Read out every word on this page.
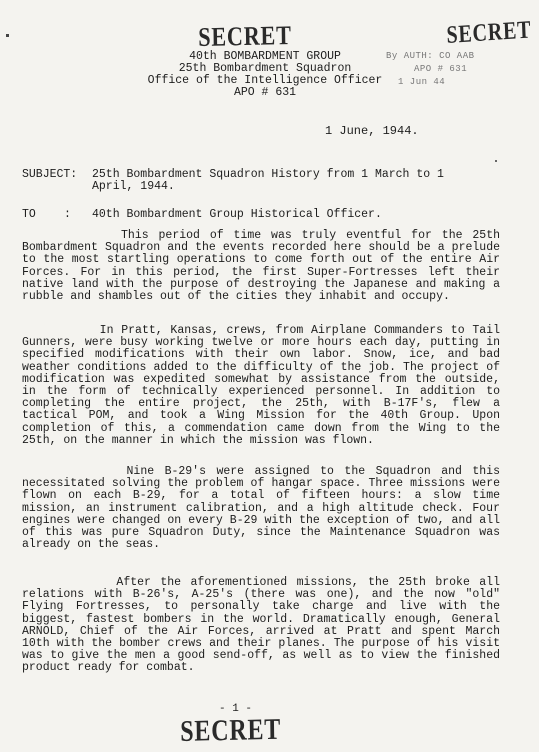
SECRET	SECRET
By AUTH: CO AAB
APO # 631
1 Jun 44
40th BOMBARDMENT GROUP
25th Bombardment Squadron
Office of the Intelligence Officer
APO # 631
1 June, 1944.
SUBJECT: 25th Bombardment Squadron History from 1 March to 1 April, 1944.
TO : 40th Bombardment Group Historical Officer.
This period of time was truly eventful for the 25th Bombardment Squadron and the events recorded here should be a prelude to the most startling operations to come forth out of the entire Air Forces. For in this period, the first Super-Fortresses left their native land with the purpose of destroying the Japanese and making a rubble and shambles out of the cities they inhabit and occupy.
In Pratt, Kansas, crews, from Airplane Commanders to Tail Gunners, were busy working twelve or more hours each day, putting in specified modifications with their own labor. Snow, ice, and bad weather conditions added to the difficulty of the job. The project of modification was expedited somewhat by assistance from the outside, in the form of technically experienced personnel. In addition to completing the entire project, the 25th, with B-17F's, flew a tactical POM, and took a Wing Mission for the 40th Group. Upon completion of this, a commendation came down from the Wing to the 25th, on the manner in which the mission was flown.
Nine B-29's were assigned to the Squadron and this necessitated solving the problem of hangar space. Three missions were flown on each B-29, for a total of fifteen hours: a slow time mission, an instrument calibration, and a high altitude check. Four engines were changed on every B-29 with the exception of two, and all of this was pure Squadron Duty, since the Maintenance Squadron was already on the seas.
After the aforementioned missions, the 25th broke all relations with B-26's, A-25's (there was one), and the now "old" Flying Fortresses, to personally take charge and live with the biggest, fastest bombers in the world. Dramatically enough, General ARNOLD, Chief of the Air Forces, arrived at Pratt and spent March 10th with the bomber crews and their planes. The purpose of his visit was to give the men a good send-off, as well as to view the finished product ready for combat.
- 1 -
SECRET
